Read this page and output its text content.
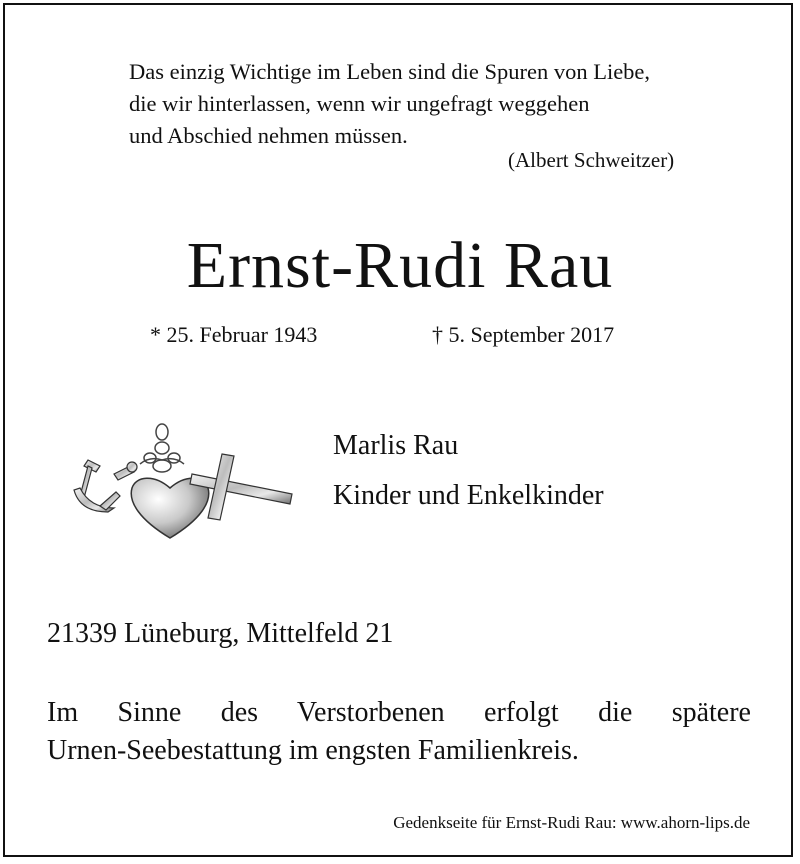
Das einzig Wichtige im Leben sind die Spuren von Liebe,
die wir hinterlassen, wenn wir ungefragt weggehen
und Abschied nehmen müssen.
(Albert Schweitzer)
Ernst-Rudi Rau
* 25. Februar 1943	† 5. September 2017
Marlis Rau
Kinder und Enkelkinder
21339 Lüneburg, Mittelfeld 21
Im Sinne des Verstorbenen erfolgt die spätere
Urnen-Seebestattung im engsten Familienkreis.
Gedenkseite für Ernst-Rudi Rau: www.ahorn-lips.de
